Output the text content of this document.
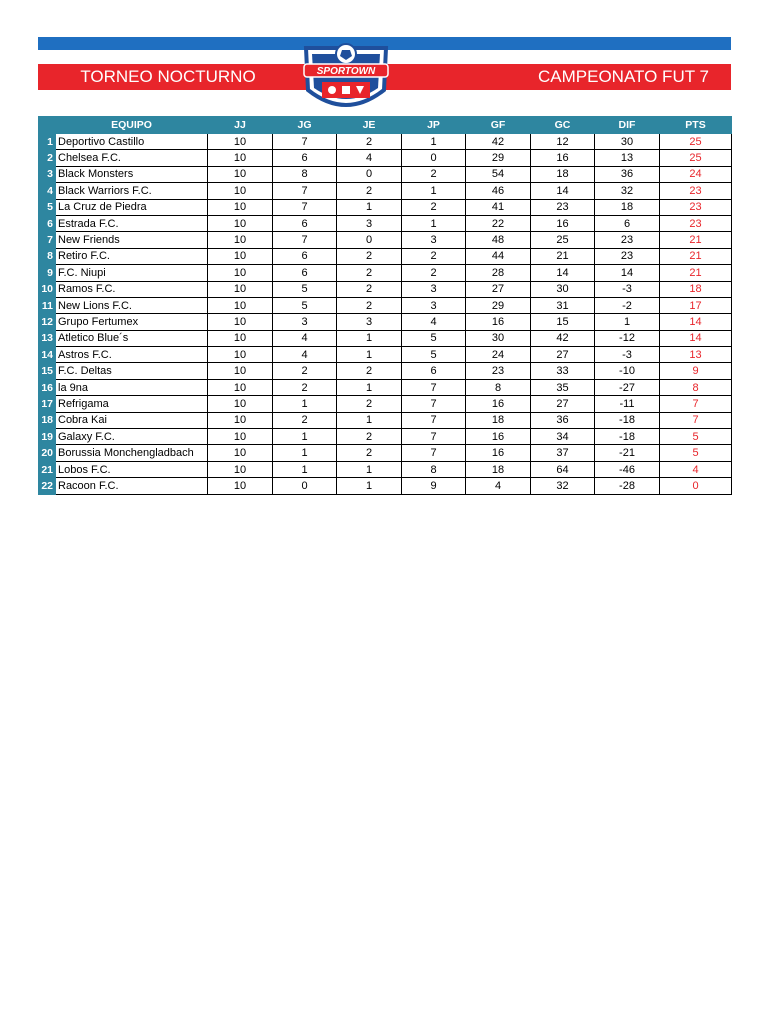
TORNEO NOCTURNO	CAMPEONATO FUT 7
SPORTOWN
	EQUIPO	JJ	JG	JE	JP	GF	GC	DIF	PTS
1	Deportivo Castillo	10	7	2	1	42	12	30	25
2	Chelsea F.C.	10	6	4	0	29	16	13	25
3	Black Monsters	10	8	0	2	54	18	36	24
4	Black Warriors F.C.	10	7	2	1	46	14	32	23
5	La Cruz de Piedra	10	7	1	2	41	23	18	23
6	Estrada F.C.	10	6	3	1	22	16	6	23
7	New Friends	10	7	0	3	48	25	23	21
8	Retiro F.C.	10	6	2	2	44	21	23	21
9	F.C. Niupi	10	6	2	2	28	14	14	21
10	Ramos F.C.	10	5	2	3	27	30	-3	18
11	New Lions F.C.	10	5	2	3	29	31	-2	17
12	Grupo Fertumex	10	3	3	4	16	15	1	14
13	Atletico Blue´s	10	4	1	5	30	42	-12	14
14	Astros F.C.	10	4	1	5	24	27	-3	13
15	F.C. Deltas	10	2	2	6	23	33	-10	9
16	la 9na	10	2	1	7	8	35	-27	8
17	Refrigama	10	1	2	7	16	27	-11	7
18	Cobra Kai	10	2	1	7	18	36	-18	7
19	Galaxy F.C.	10	1	2	7	16	34	-18	5
20	Borussia Monchengladbach	10	1	2	7	16	37	-21	5
21	Lobos F.C.	10	1	1	8	18	64	-46	4
22	Racoon F.C.	10	0	1	9	4	32	-28	0
